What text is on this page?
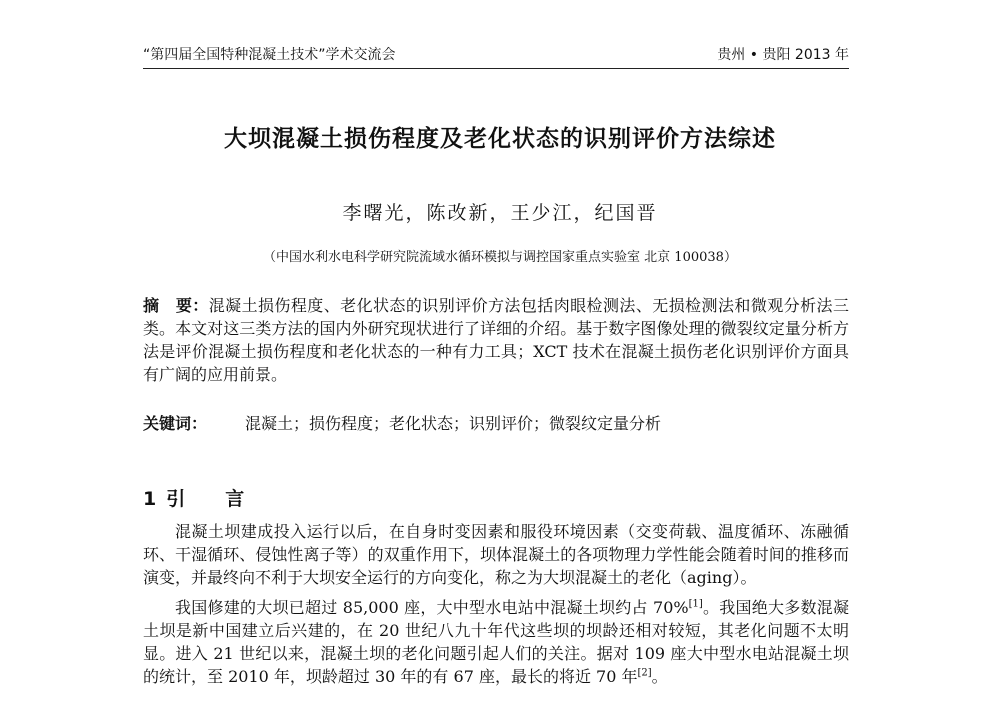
“第四届全国特种混凝土技术”学术交流会	贵州 • 贵阳 2013 年
大坝混凝土损伤程度及老化状态的识别评价方法综述
李曙光，陈改新，王少江，纪国晋
（中国水利水电科学研究院流域水循环模拟与调控国家重点实验室 北京 100038）
摘　要：混凝土损伤程度、老化状态的识别评价方法包括肉眼检测法、无损检测法和微观分析法三类。本文对这三类方法的国内外研究现状进行了详细的介绍。基于数字图像处理的微裂纹定量分析方法是评价混凝土损伤程度和老化状态的一种有力工具；XCT 技术在混凝土损伤老化识别评价方面具有广阔的应用前景。
关键词： 混凝土；损伤程度；老化状态；识别评价；微裂纹定量分析
1 引 言

混凝土坝建成投入运行以后，在自身时变因素和服役环境因素（交变荷载、温度循环、冻融循环、干湿循环、侵蚀性离子等）的双重作用下，坝体混凝土的各项物理力学性能会随着时间的推移而演变，并最终向不利于大坝安全运行的方向变化，称之为大坝混凝土的老化（aging）。

我国修建的大坝已超过 85,000 座，大中型水电站中混凝土坝约占 70%[1]。我国绝大多数混凝土坝是新中国建立后兴建的，在 20 世纪八九十年代这些坝的坝龄还相对较短，其老化问题不太明显。进入 21 世纪以来，混凝土坝的老化问题引起人们的关注。据对 109 座大中型水电站混凝土坝的统计，至 2010 年，坝龄超过 30 年的有 67 座，最长的将近 70 年[2]。
